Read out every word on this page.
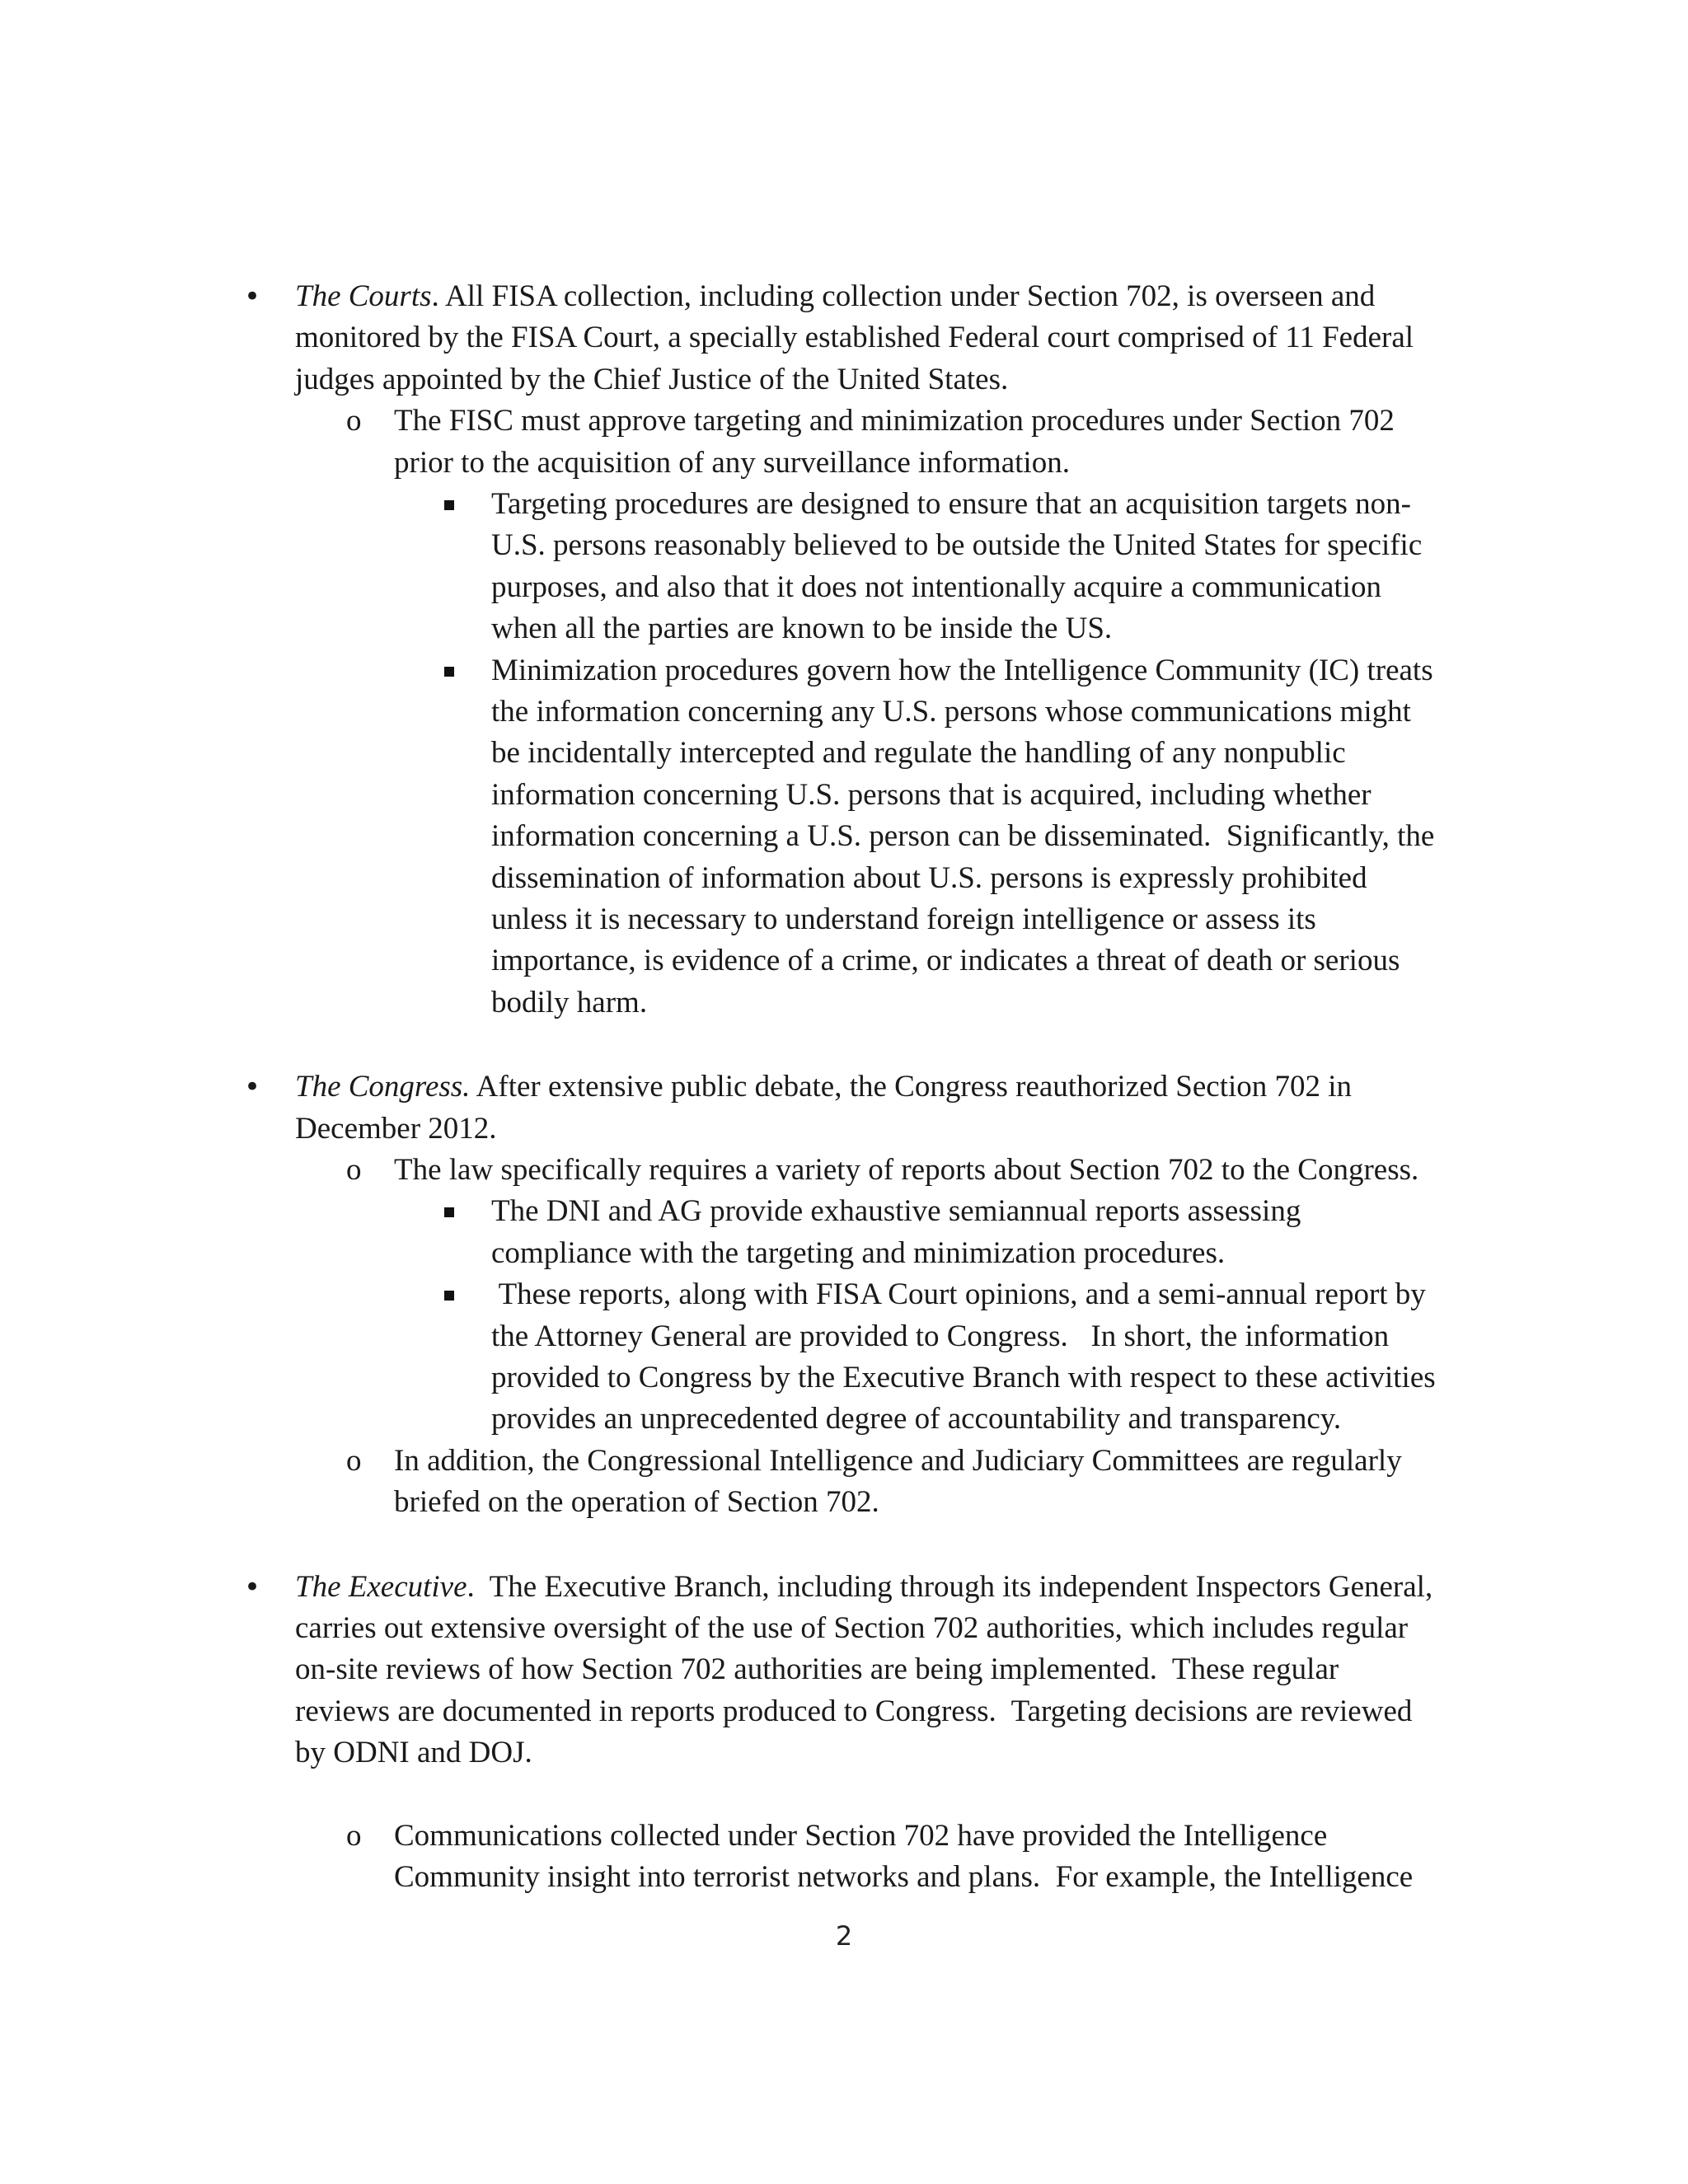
• The Courts. All FISA collection, including collection under Section 702, is overseen and
monitored by the FISA Court, a specially established Federal court comprised of 11 Federal
judges appointed by the Chief Justice of the United States.
o The FISC must approve targeting and minimization procedures under Section 702
prior to the acquisition of any surveillance information.
Targeting procedures are designed to ensure that an acquisition targets non-
U.S. persons reasonably believed to be outside the United States for specific
purposes, and also that it does not intentionally acquire a communication
when all the parties are known to be inside the US.
Minimization procedures govern how the Intelligence Community (IC) treats
the information concerning any U.S. persons whose communications might
be incidentally intercepted and regulate the handling of any nonpublic
information concerning U.S. persons that is acquired, including whether
information concerning a U.S. person can be disseminated.  Significantly, the
dissemination of information about U.S. persons is expressly prohibited
unless it is necessary to understand foreign intelligence or assess its
importance, is evidence of a crime, or indicates a threat of death or serious
bodily harm.
• The Congress. After extensive public debate, the Congress reauthorized Section 702 in
December 2012.
o The law specifically requires a variety of reports about Section 702 to the Congress.
The DNI and AG provide exhaustive semiannual reports assessing
compliance with the targeting and minimization procedures.
These reports, along with FISA Court opinions, and a semi-annual report by
the Attorney General are provided to Congress.   In short, the information
provided to Congress by the Executive Branch with respect to these activities
provides an unprecedented degree of accountability and transparency.
o In addition, the Congressional Intelligence and Judiciary Committees are regularly
briefed on the operation of Section 702.
• The Executive.  The Executive Branch, including through its independent Inspectors General,
carries out extensive oversight of the use of Section 702 authorities, which includes regular
on-site reviews of how Section 702 authorities are being implemented.  These regular
reviews are documented in reports produced to Congress.  Targeting decisions are reviewed
by ODNI and DOJ.
o Communications collected under Section 702 have provided the Intelligence
Community insight into terrorist networks and plans.  For example, the Intelligence
2
